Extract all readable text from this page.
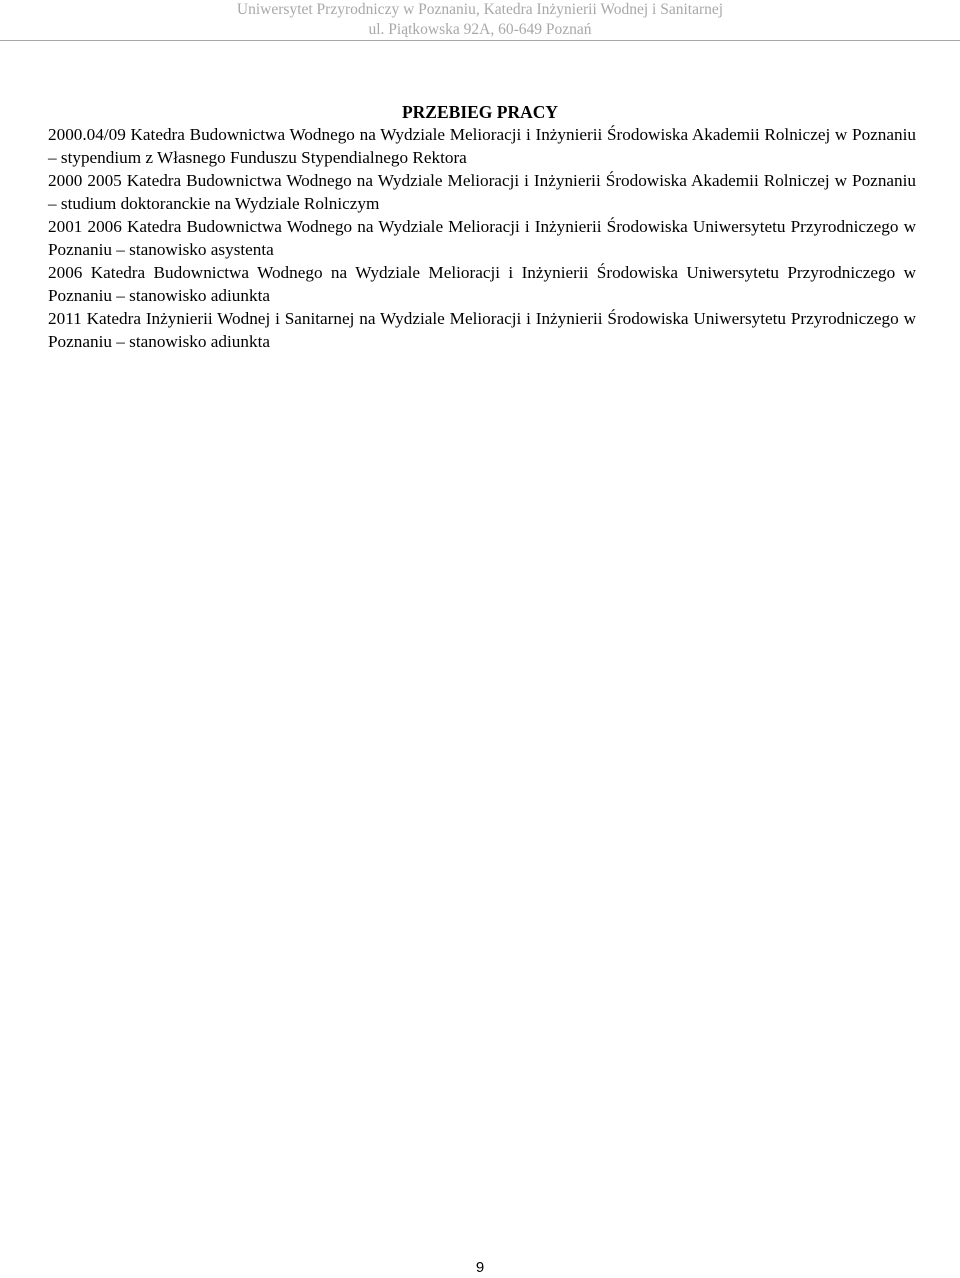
Uniwersytet Przyrodniczy w Poznaniu, Katedra Inżynierii Wodnej i Sanitarnej
ul. Piątkowska 92A, 60-649 Poznań
PRZEBIEG PRACY

2000.04/09 Katedra Budownictwa Wodnego na Wydziale Melioracji i Inżynierii Środowiska Akademii Rolniczej w Poznaniu – stypendium z Własnego Funduszu Stypendialnego Rektora

2000 2005 Katedra Budownictwa Wodnego na Wydziale Melioracji i Inżynierii Środowiska Akademii Rolniczej w Poznaniu – studium doktoranckie na Wydziale Rolniczym

2001 2006 Katedra Budownictwa Wodnego na Wydziale Melioracji i Inżynierii Środowiska Uniwersytetu Przyrodniczego w Poznaniu – stanowisko asystenta

2006 Katedra Budownictwa Wodnego na Wydziale Melioracji i Inżynierii Środowiska Uniwersytetu Przyrodniczego w Poznaniu – stanowisko adiunkta

2011 Katedra Inżynierii Wodnej i Sanitarnej na Wydziale Melioracji i Inżynierii Środowiska Uniwersytetu Przyrodniczego w Poznaniu – stanowisko adiunkta

9
